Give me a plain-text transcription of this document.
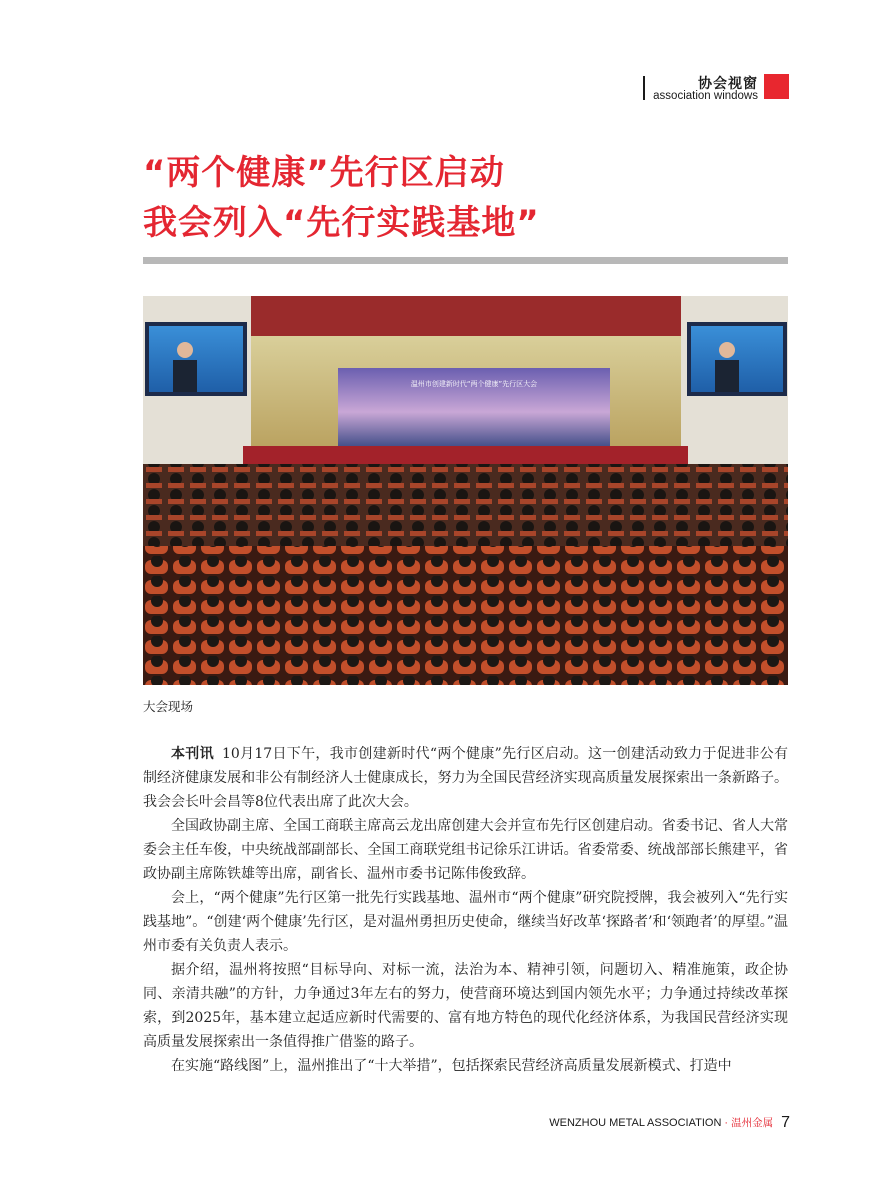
协会视窗
association windows
“两个健康”先行区启动
我会列入“先行实践基地”
温州市创建新时代“两个健康”先行区大会
大会现场

本刊讯 10月17日下午，我市创建新时代“两个健康”先行区启动。这一创建活动致力于促进非公有制经济健康发展和非公有制经济人士健康成长，努力为全国民营经济实现高质量发展探索出一条新路子。我会会长叶会昌等8位代表出席了此次大会。

全国政协副主席、全国工商联主席高云龙出席创建大会并宣布先行区创建启动。省委书记、省人大常委会主任车俊，中央统战部副部长、全国工商联党组书记徐乐江讲话。省委常委、统战部部长熊建平，省政协副主席陈铁雄等出席，副省长、温州市委书记陈伟俊致辞。

会上，“两个健康”先行区第一批先行实践基地、温州市“两个健康”研究院授牌，我会被列入“先行实践基地”。“创建‘两个健康’先行区，是对温州勇担历史使命，继续当好改革‘探路者’和‘领跑者’的厚望。”温州市委有关负责人表示。

据介绍，温州将按照“目标导向、对标一流，法治为本、精神引领，问题切入、精准施策，政企协同、亲清共融”的方针，力争通过3年左右的努力，使营商环境达到国内领先水平；力争通过持续改革探索，到2025年，基本建立起适应新时代需要的、富有地方特色的现代化经济体系，为我国民营经济实现高质量发展探索出一条值得推广借鉴的路子。

在实施“路线图”上，温州推出了“十大举措”，包括探索民营经济高质量发展新模式、打造中

WENZHOU METAL ASSOCIATION · 温州金属 7
